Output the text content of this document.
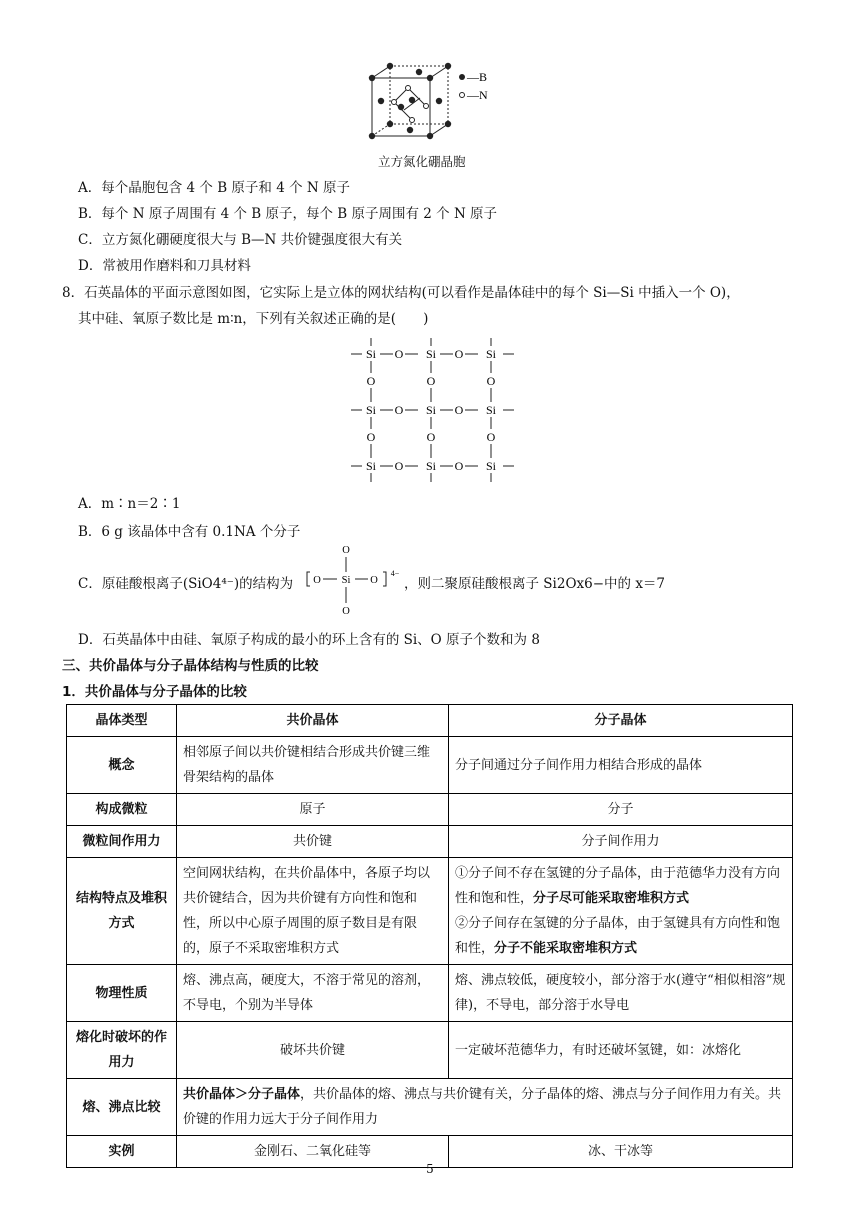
—B
—N
立方氮化硼晶胞
A．每个晶胞包含 4 个 B 原子和 4 个 N 原子
B．每个 N 原子周围有 4 个 B 原子，每个 B 原子周围有 2 个 N 原子
C．立方氮化硼硬度很大与 B—N 共价键强度很大有关
D．常被用作磨料和刀具材料
8．石英晶体的平面示意图如图，它实际上是立体的网状结构(可以看作是晶体硅中的每个 Si—Si 中插入一个 O)，
其中硅、氧原子数比是 m∶n，下列有关叙述正确的是(　　)
Si O Si O Si
O	O	O
Si O Si O Si
O	O	O
Si O Si O Si
A．m∶n＝2∶1
B．6 g 该晶体中含有 0.1NA 个分子
C．原硅酸根离子(SiO4⁴⁻)的结构为
O
O Si O
O
4−
，则二聚原硅酸根离子 Si2Ox6−中的 x＝7
D．石英晶体中由硅、氧原子构成的最小的环上含有的 Si、O 原子个数和为 8
三、共价晶体与分子晶体结构与性质的比较
1．共价晶体与分子晶体的比较
晶体类型	共价晶体	分子晶体
概念	相邻原子间以共价键相结合形成共价键三维骨架结构的晶体	分子间通过分子间作用力相结合形成的晶体
构成微粒	原子	分子
微粒间作用力	共价键	分子间作用力
结构特点及堆积方式	空间网状结构，在共价晶体中，各原子均以共价键结合，因为共价键有方向性和饱和性，所以中心原子周围的原子数目是有限的，原子不采取密堆积方式	①分子间不存在氢键的分子晶体，由于范德华力没有方向性和饱和性，分子尽可能采取密堆积方式
②分子间存在氢键的分子晶体，由于氢键具有方向性和饱和性，分子不能采取密堆积方式

物理性质	熔、沸点高，硬度大，不溶于常见的溶剂，不导电，个别为半导体	熔、沸点较低，硬度较小，部分溶于水(遵守“相似相溶”规律)，不导电，部分溶于水导电
熔化时破坏的作用力	破坏共价键	一定破坏范德华力，有时还破坏氢键，如：冰熔化
熔、沸点比较	共价晶体＞分子晶体，共价晶体的熔、沸点与共价键有关，分子晶体的熔、沸点与分子间作用力有关。共价键的作用力远大于分子间作用力	
实例	金刚石、二氧化硅等	冰、干冰等
5
